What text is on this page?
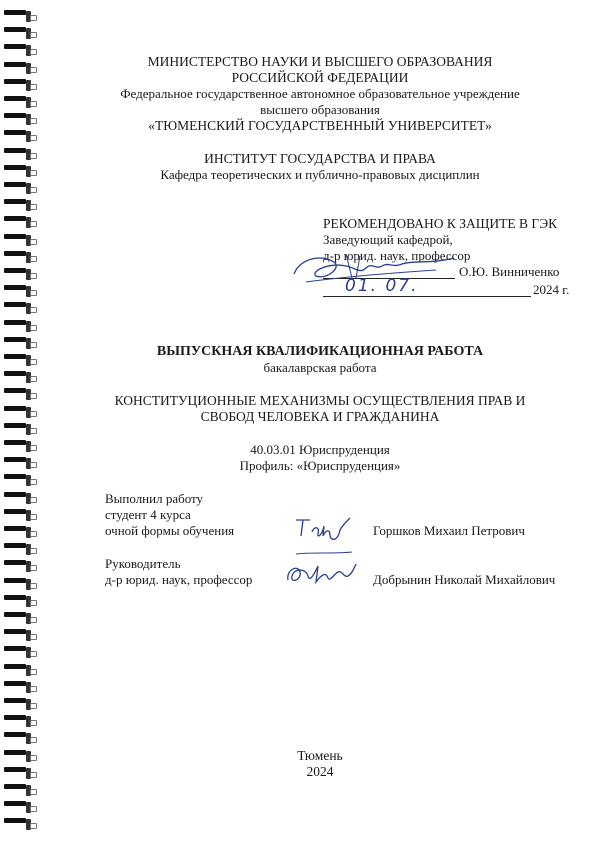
МИНИСТЕРСТВО НАУКИ И ВЫСШЕГО ОБРАЗОВАНИЯ
РОССИЙСКОЙ ФЕДЕРАЦИИ
Федеральное государственное автономное образовательное учреждение
высшего образования
«ТЮМЕНСКИЙ ГОСУДАРСТВЕННЫЙ УНИВЕРСИТЕТ»
ИНСТИТУТ ГОСУДАРСТВА И ПРАВА
Кафедра теоретических и публично-правовых дисциплин
РЕКОМЕНДОВАНО К ЗАЩИТЕ В ГЭК
Заведующий кафедрой,
д-р юрид. наук, профессор
О.Ю. Винниченко
01. 07.	2024 г.
ВЫПУСКНАЯ КВАЛИФИКАЦИОННАЯ РАБОТА
бакалаврская работа
КОНСТИТУЦИОННЫЕ МЕХАНИЗМЫ ОСУЩЕСТВЛЕНИЯ ПРАВ И
СВОБОД ЧЕЛОВЕКА И ГРАЖДАНИНА
40.03.01 Юриспруденция
Профиль: «Юриспруденция»
Выполнил работу
студент 4 курса
очной формы обучения	Горшков Михаил Петрович
Руководитель
д-р юрид. наук, профессор	Добрынин Николай Михайлович
Тюмень
2024
